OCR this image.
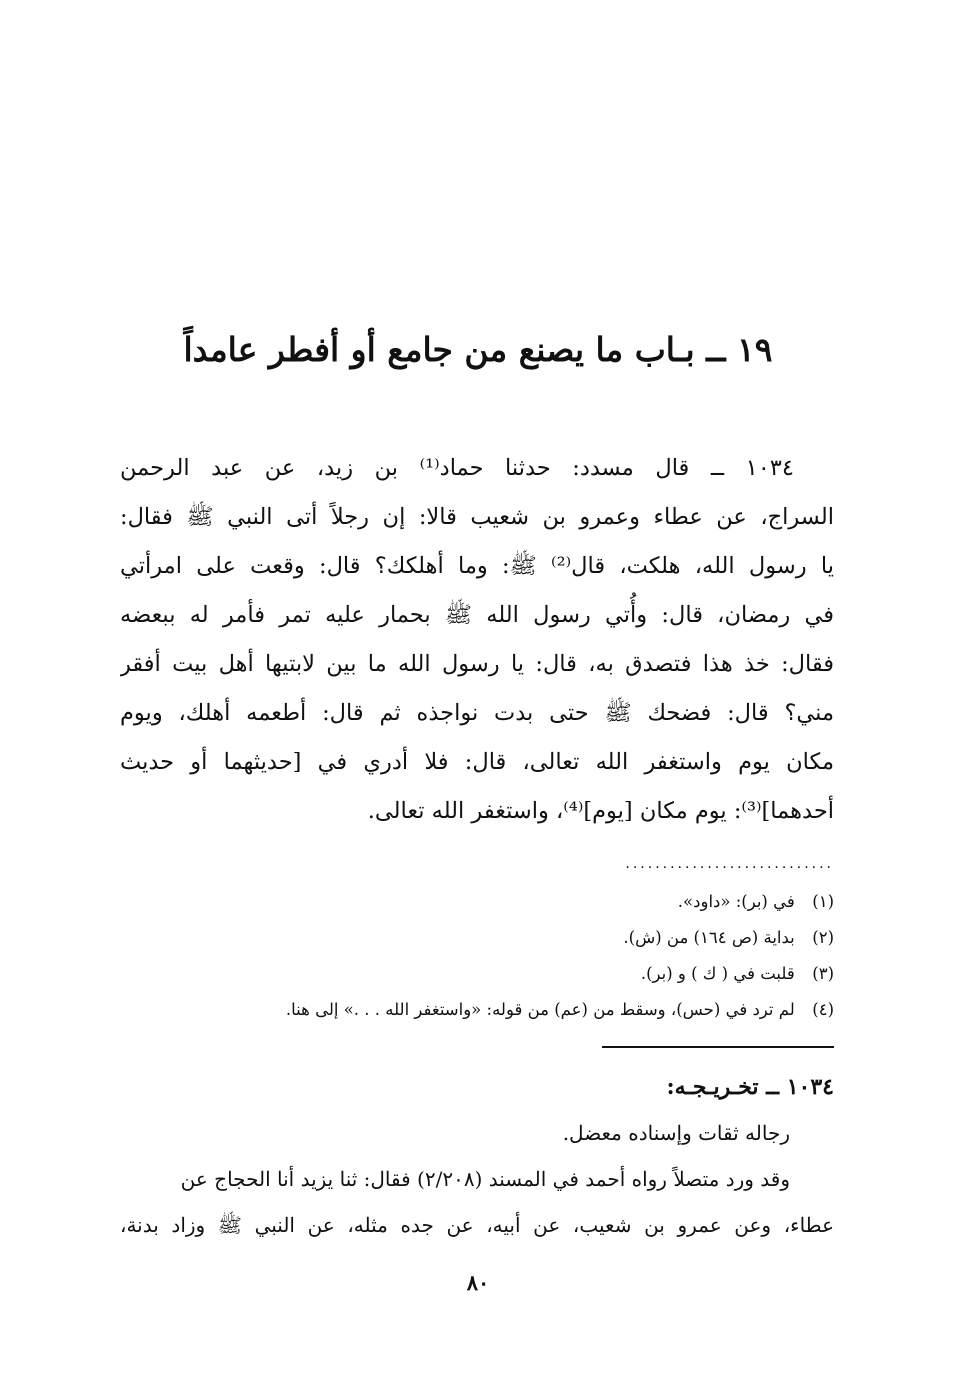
١٩ ــ بـاب ما يصنع من جامع أو أفطر عامداً
١٠٣٤ ــ قال مسدد: حدثنا حماد⁽¹⁾ بن زيد، عن عبد الرحمن
السراج، عن عطاء وعمرو بن شعيب قالا: إن رجلاً أتى النبي ﷺ فقال:
يا رسول الله، هلكت، قال⁽²⁾ ﷺ: وما أهلكك؟ قال: وقعت على امرأتي
في رمضان، قال: وأُتي رسول الله ﷺ بحمار عليه تمر فأمر له ببعضه
فقال: خذ هذا فتصدق به، قال: يا رسول الله ما بين لابتيها أهل بيت أفقر
مني؟ قال: فضحك ﷺ حتى بدت نواجذه ثم قال: أطعمه أهلك، ويوم
مكان يوم واستغفر الله تعالى، قال: فلا أدري في [حديثهما أو حديث
أحدهما]⁽³⁾: يوم مكان [يوم]⁽⁴⁾، واستغفر الله تعالى.
............................
(١) في (بر): «داود».
(٢) بداية (ص ١٦٤) من (ش).
(٣) قلبت في ( ك ) و (بر).
(٤) لم ترد في (حس)، وسقط من (عم) من قوله: «واستغفر الله . . .» إلى هنا.
١٠٣٤ ــ تخـريـجـه:
رجاله ثقات وإسناده معضل.
وقد ورد متصلاً رواه أحمد في المسند (٢/٢٠٨) فقال: ثنا يزيد أنا الحجاج عن
عطاء، وعن عمرو بن شعيب، عن أبيه، عن جده مثله، عن النبي ﷺ وزاد بدنة،
٨٠
